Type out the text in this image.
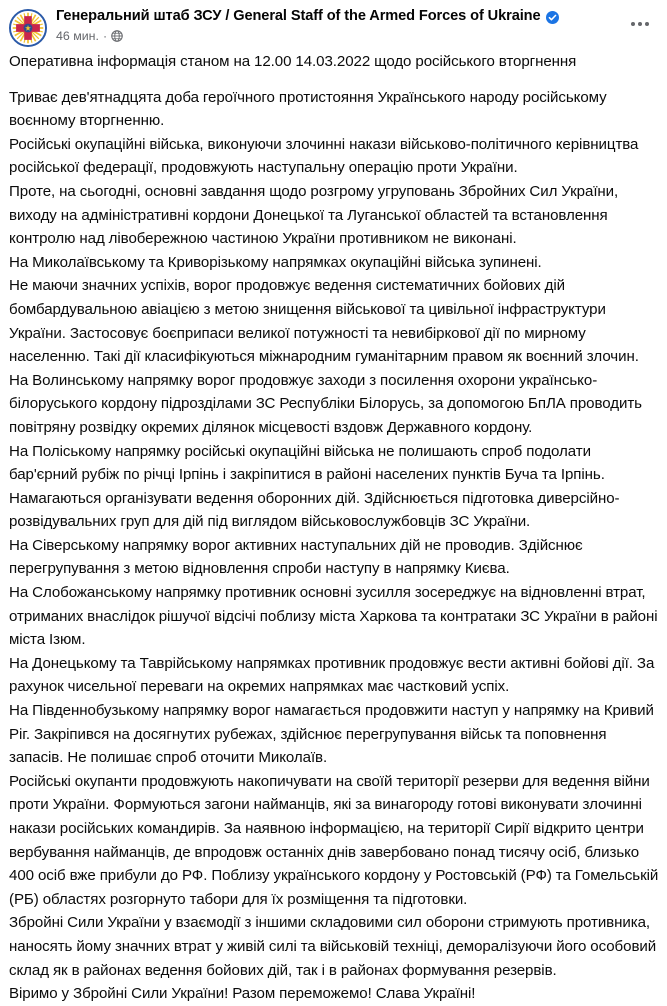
Генеральний штаб ЗСУ / General Staff of the Armed Forces of Ukraine
46 мин. ·

Оперативна інформація станом на 12.00 14.03.2022 щодо російського вторгнення

Триває дев'ятнадцята доба героїчного протистояння Українського народу російському воєнному вторгненню.

Російські окупаційні війська, виконуючи злочинні накази військово-політичного керівництва російської федерації, продовжують наступальну операцію проти України.

Проте, на сьогодні, основні завдання щодо розгрому угруповань Збройних Сил України, виходу на адміністративні кордони Донецької та Луганської областей та встановлення контролю над лівобережною частиною України противником не виконані.

На Миколаївському та Криворізькому напрямках окупаційні війська зупинені.

Не маючи значних успіхів, ворог продовжує ведення систематичних бойових дій бомбардувальною авіацією з метою знищення військової та цивільної інфраструктури України. Застосовує боєприпаси великої потужності та невибіркової дії по мирному населенню. Такі дії класифікуються міжнародним гуманітарним правом як воєнний злочин.

На Волинському напрямку ворог продовжує заходи з посилення охорони українсько-білоруського кордону підрозділами ЗС Республіки Білорусь, за допомогою БпЛА проводить повітряну розвідку окремих ділянок місцевості вздовж Державного кордону.

На Поліському напрямку російські окупаційні війська не полишають спроб подолати бар'єрний рубіж по річці Ірпінь і закріпитися в районі населених пунктів Буча та Ірпінь. Намагаються організувати ведення оборонних дій. Здійснюється підготовка диверсійно-розвідувальних груп для дій під виглядом військовослужбовців ЗС України.

На Сіверському напрямку ворог активних наступальних дій не проводив. Здійснює перегрупування з метою відновлення спроби наступу в напрямку Києва.

На Слобожанському напрямку противник основні зусилля зосереджує на відновленні втрат, отриманих внаслідок рішучої відсічі поблизу міста Харкова та контратаки ЗС України в районі міста Ізюм.

На Донецькому та Таврійському напрямках противник продовжує вести активні бойові дії. За рахунок чисельної переваги на окремих напрямках має частковий успіх.

На Південнобузькому напрямку ворог намагається продовжити наступ у напрямку на Кривий Ріг. Закріпився на досягнутих рубежах, здійснює перегрупування військ та поповнення запасів. Не полишає спроб оточити Миколаїв.

Російські окупанти продовжують накопичувати на своїй території резерви для ведення війни проти України. Формуються загони найманців, які за винагороду готові виконувати злочинні накази російських командирів. За наявною інформацією, на території Сирії відкрито центри вербування найманців, де впродовж останніх днів завербовано понад тисячу осіб, близько 400 осіб вже прибули до РФ. Поблизу українського кордону у Ростовській (РФ) та Гомельській (РБ) областях розгорнуто табори для їх розміщення та підготовки.

Збройні Сили України у взаємодії з іншими складовими сил оборони стримують противника, наносять йому значних втрат у живій силі та військовій техніці, деморалізуючи його особовий склад як в районах ведення бойових дій, так і в районах формування резервів.

Віримо у Збройні Сили України! Разом переможемо! Слава Україні!
